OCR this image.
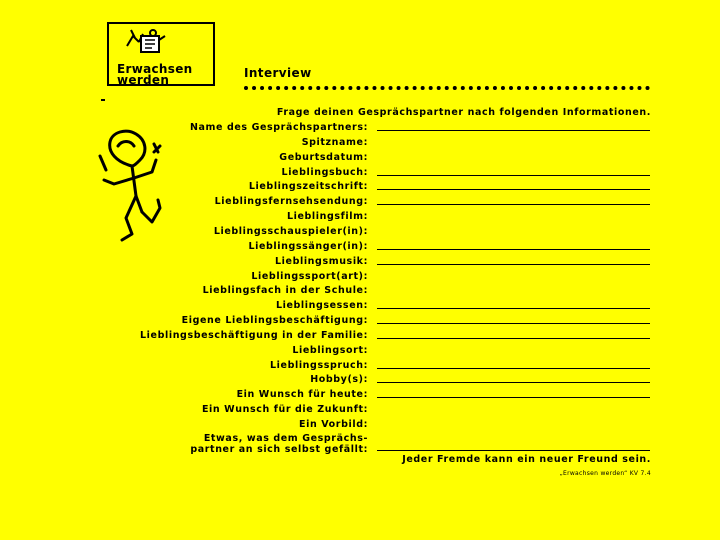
Erwachsen
werden	Interview
Frage deinen Gesprächspartner nach folgenden Informationen.
Name des Gesprächspartners:
Spitzname:
Geburtsdatum:
Lieblingsbuch:
Lieblingszeitschrift:
Lieblingsfernsehsendung:
Lieblingsfilm:
Lieblingsschauspieler(in):
Lieblingssänger(in):
Lieblingsmusik:
Lieblingssport(art):
Lieblingsfach in der Schule:
Lieblingsessen:
Eigene Lieblingsbeschäftigung:
Lieblingsbeschäftigung in der Familie:
Lieblingsort:
Lieblingsspruch:
Hobby(s):
Ein Wunsch für heute:
Ein Wunsch für die Zukunft:
Ein Vorbild:
Etwas, was dem Gesprächs-
partner an sich selbst gefällt:
Jeder Fremde kann ein neuer Freund sein.
„Erwachsen werden“ KV 7.4
